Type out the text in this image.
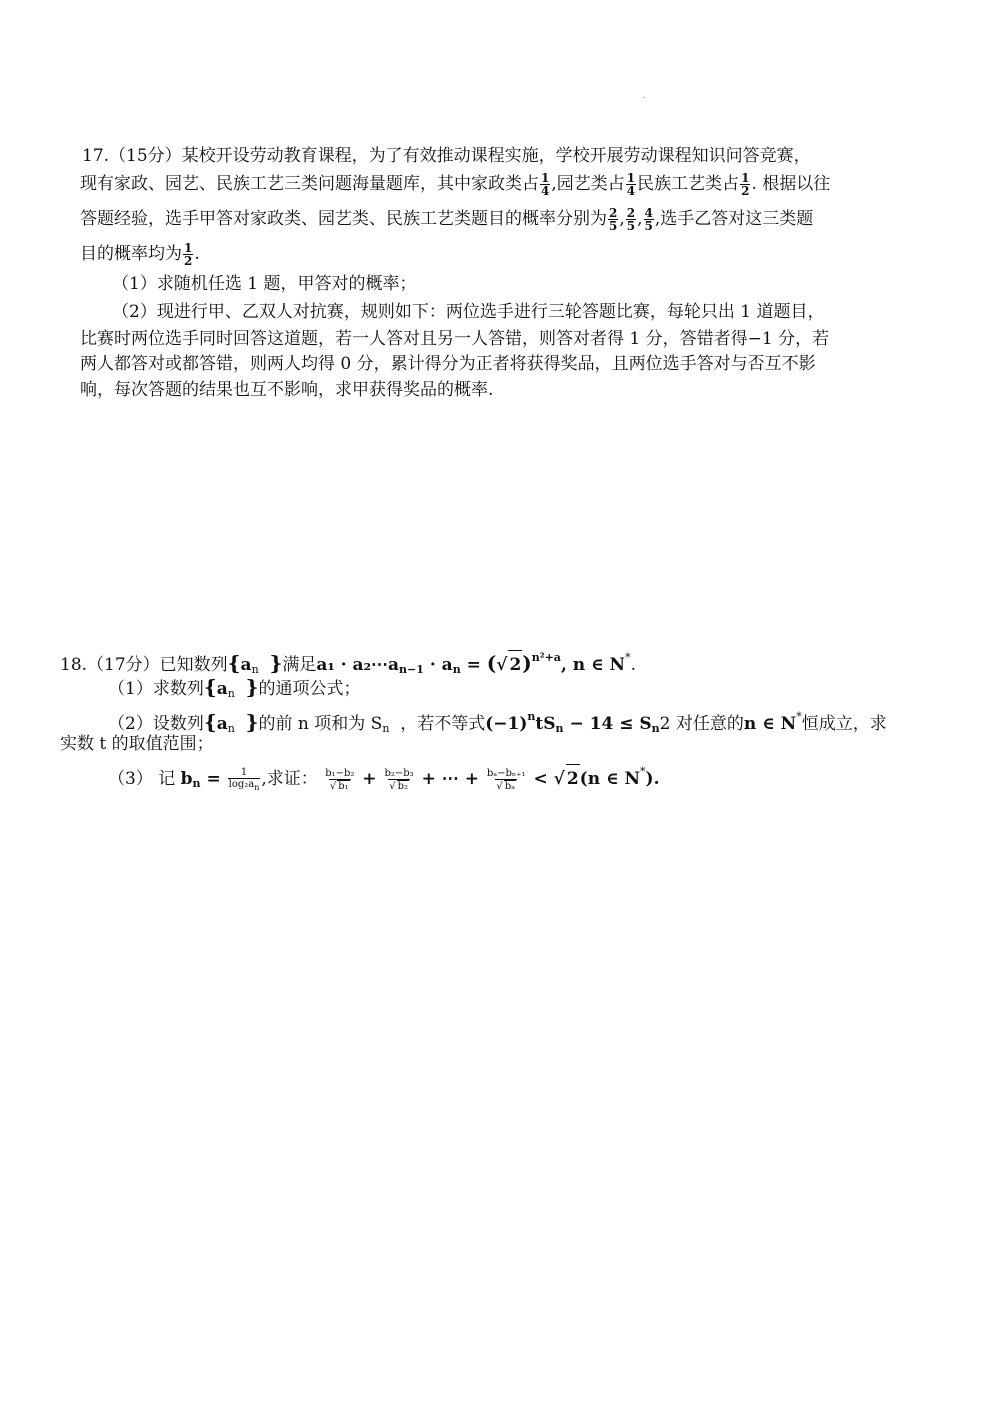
.
17.（15分）某校开设劳动教育课程，为了有效推动课程实施，学校开展劳动课程知识问答竞赛，
现有家政、园艺、民族工艺三类问题海量题库，其中家政类占 $\frac{1}{4}$ ,园艺类占 $\frac{1}{4}$ 民族工艺类占 $\frac{1}{2}$ . 根据以往
答题经验，选手甲答对家政类、园艺类、民族工艺类题目的概率分别为 $\frac{2}{5}$ , $\frac{2}{5}$ , $\frac{4}{5}$ ,选手乙答对这三类题
目的概率均为 $\frac{1}{2}$ .
（1）求随机任选 1 题，甲答对的概率；
（2）现进行甲、乙双人对抗赛，规则如下：两位选手进行三轮答题比赛，每轮只出 1 道题目，
比赛时两位选手同时回答这道题，若一人答对且另一人答错，则答对者得 1 分，答错者得−1 分，若
两人都答对或都答错，则两人均得 0 分，累计得分为正者将获得奖品，且两位选手答对与否互不影
响，每次答题的结果也互不影响，求甲获得奖品的概率.
18.（17分）已知数列{$a_n$ }满足$a_1 \cdot a_2\cdots a_{n-1} \cdot a_n$ = (√ 2)$^{n^2+a}$, n ∈ N*.
（1）求数列{$a_n$ }的通项公式；
（2）设数列{$a_n$ }的前 n 项和为 $S_n$ ，若不等式$(-1)^ntS_n - 14 \le S_n2$ 对任意的n ∈ N*恒成立，求
实数 t 的取值范围；
（3） 记 $b_n = \frac{1}{\log_2a_n}$ ,求证： $\frac{\text{b₁−b₂}}{\text{√ b₁}} + \frac{\text{b₂−b₃}}{\text{√ b₂}}$ + ⋯ + $\frac{\text{bₐ−bₙ₊₁}}{\text{√ bₐ}}$ < √ 2(n ∈ N*).
